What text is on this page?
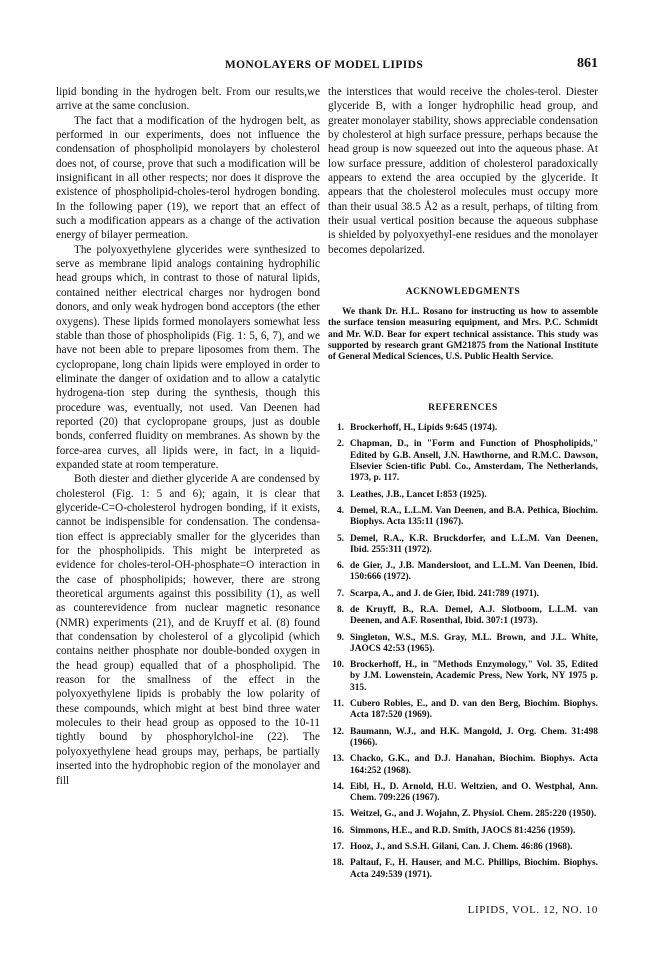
MONOLAYERS OF MODEL LIPIDS	861

lipid bonding in the hydrogen belt. From our results,we arrive at the same conclusion.

The fact that a modification of the hydrogen belt, as performed in our experiments, does not influence the condensation of phospholipid monolayers by cholesterol does not, of course, prove that such a modification will be insignificant in all other respects; nor does it disprove the existence of phospholipid-choles-terol hydrogen bonding. In the following paper (19), we report that an effect of such a modification appears as a change of the activation energy of bilayer permeation.

The polyoxyethylene glycerides were synthesized to serve as membrane lipid analogs containing hydrophilic head groups which, in contrast to those of natural lipids, contained neither electrical charges nor hydrogen bond donors, and only weak hydrogen bond acceptors (the ether oxygens). These lipids formed monolayers somewhat less stable than those of phospholipids (Fig. 1: 5, 6, 7), and we have not been able to prepare liposomes from them. The cyclopropane, long chain lipids were employed in order to eliminate the danger of oxidation and to allow a catalytic hydrogena-tion step during the synthesis, though this procedure was, eventually, not used. Van Deenen had reported (20) that cyclopropane groups, just as double bonds, conferred fluidity on membranes. As shown by the force-area curves, all lipids were, in fact, in a liquid-expanded state at room temperature.

Both diester and diether glyceride A are condensed by cholesterol (Fig. 1: 5 and 6); again, it is clear that glyceride-C=O-cholesterol hydrogen bonding, if it exists, cannot be indispensible for condensation. The condensa-tion effect is appreciably smaller for the glycerides than for the phospholipids. This might be interpreted as evidence for choles-terol-OH-phosphate=O interaction in the case of phospholipids; however, there are strong theoretical arguments against this possibility (1), as well as counterevidence from nuclear magnetic resonance (NMR) experiments (21), and de Kruyff et al. (8) found that condensation by cholesterol of a glycolipid (which contains neither phosphate nor double-bonded oxygen in the head group) equalled that of a phospholipid. The reason for the smallness of the effect in the polyoxyethylene lipids is probably the low polarity of these compounds, which might at best bind three water molecules to their head group as opposed to the 10-11 tightly bound by phosphorylchol-ine (22). The polyoxyethylene head groups may, perhaps, be partially inserted into the hydrophobic region of the monolayer and fill

the interstices that would receive the choles-terol. Diester glyceride B, with a longer hydrophilic head group, and greater monolayer stability, shows appreciable condensation by cholesterol at high surface pressure, perhaps because the head group is now squeezed out into the aqueous phase. At low surface pressure, addition of cholesterol paradoxically appears to extend the area occupied by the glyceride. It appears that the cholesterol molecules must occupy more than their usual 38.5 Å2 as a result, perhaps, of tilting from their usual vertical position because the aqueous subphase is shielded by polyoxyethyl-ene residues and the monolayer becomes depolarized.

ACKNOWLEDGMENTS

We thank Dr. H.L. Rosano for instructing us how to assemble the surface tension measuring equipment, and Mrs. P.C. Schmidt and Mr. W.D. Bear for expert technical assistance. This study was supported by research grant GM21875 from the National Institute of General Medical Sciences, U.S. Public Health Service.

REFERENCES
1. Brockerhoff, H., Lipids 9:645 (1974).
2. Chapman, D., in "Form and Function of Phospholipids," Edited by G.B. Ansell, J.N. Hawthorne, and R.M.C. Dawson, Elsevier Scien-tific Publ. Co., Amsterdam, The Netherlands, 1973, p. 117.
3. Leathes, J.B., Lancet I:853 (1925).
4. Demel, R.A., L.L.M. Van Deenen, and B.A. Pethica, Biochim. Biophys. Acta 135:11 (1967).
5. Demel, R.A., K.R. Bruckdorfer, and L.L.M. Van Deenen, Ibid. 255:311 (1972).
6. de Gier, J., J.B. Mandersloot, and L.L.M. Van Deenen, Ibid. 150:666 (1972).
7. Scarpa, A., and J. de Gier, Ibid. 241:789 (1971).
8. de Kruyff, B., R.A. Demel, A.J. Slotboom, L.L.M. van Deenen, and A.F. Rosenthal, Ibid. 307:1 (1973).
9. Singleton, W.S., M.S. Gray, M.L. Brown, and J.L. White, JAOCS 42:53 (1965).
10. Brockerhoff, H., in "Methods Enzymology," Vol. 35, Edited by J.M. Lowenstein, Academic Press, New York, NY 1975 p. 315.
11. Cubero Robles, E., and D. van den Berg, Biochim. Biophys. Acta 187:520 (1969).
12. Baumann, W.J., and H.K. Mangold, J. Org. Chem. 31:498 (1966).
13. Chacko, G.K., and D.J. Hanahan, Biochim. Biophys. Acta 164:252 (1968).
14. Eibl, H., D. Arnold, H.U. Weltzien, and O. Westphal, Ann. Chem. 709:226 (1967).
15. Weitzel, G., and J. Wojahn, Z. Physiol. Chem. 285:220 (1950).
16. Simmons, H.E., and R.D. Smith, JAOCS 81:4256 (1959).
17. Hooz, J., and S.S.H. Gilani, Can. J. Chem. 46:86 (1968).
18. Paltauf, F., H. Hauser, and M.C. Phillips, Biochim. Biophys. Acta 249:539 (1971).
LIPIDS, VOL. 12, NO. 10
